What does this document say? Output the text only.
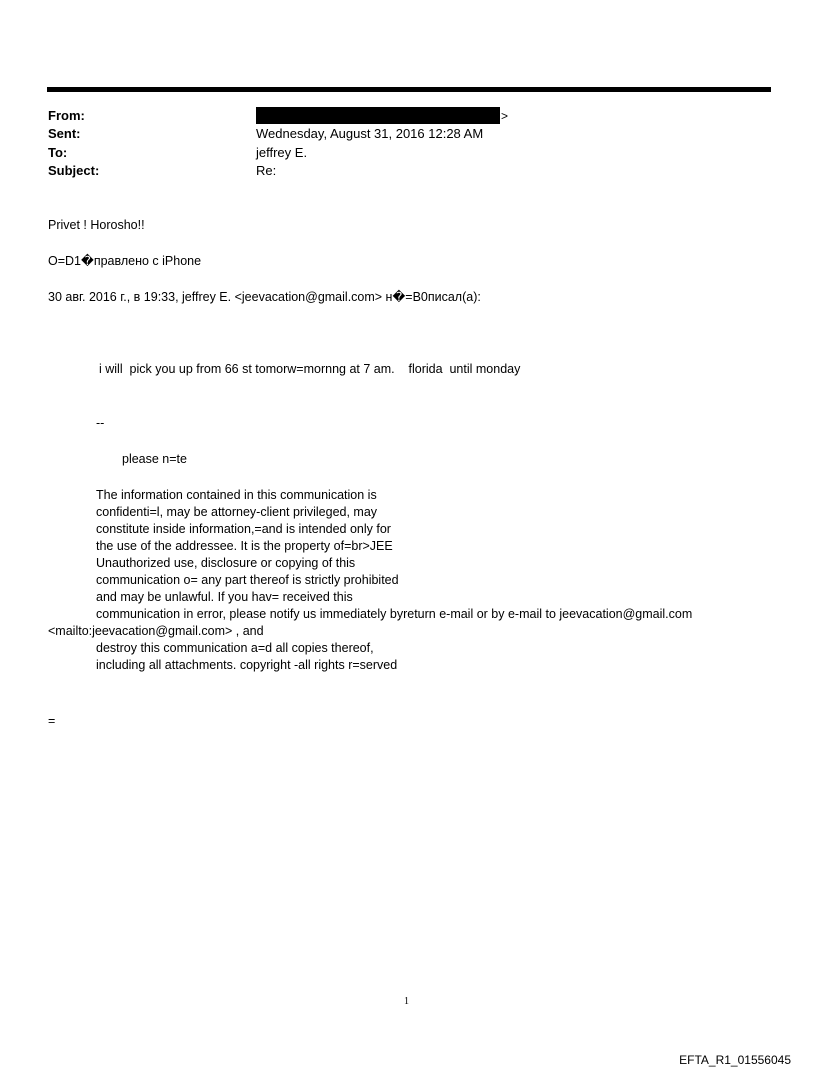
From:
Sent:
To:
Subject:
>
Wednesday, August 31, 2016 12:28 AM
jeffrey E.
Re:
Privet ! Horosho!!
O=D1�правлено с iPhone
30 авг. 2016 г., в 19:33, jeffrey E. <jeevacation@gmail.com> н�=B0писал(a):
i will  pick you up from 66 st tomorw=mornng at 7 am.    florida  until monday
--
please n=te
The information contained in this communication is
confidenti=l, may be attorney-client privileged, may
constitute inside information,=and is intended only for
the use of the addressee. It is the property of=br>JEE
Unauthorized use, disclosure or copying of this
communication o= any part thereof is strictly prohibited
and may be unlawful. If you hav= received this
communication in error, please notify us immediately byreturn e-mail or by e-mail to jeevacation@gmail.com
<mailto:jeevacation@gmail.com> , and
destroy this communication a=d all copies thereof,
including all attachments. copyright -all rights r=served
=
1
EFTA_R1_01556045
